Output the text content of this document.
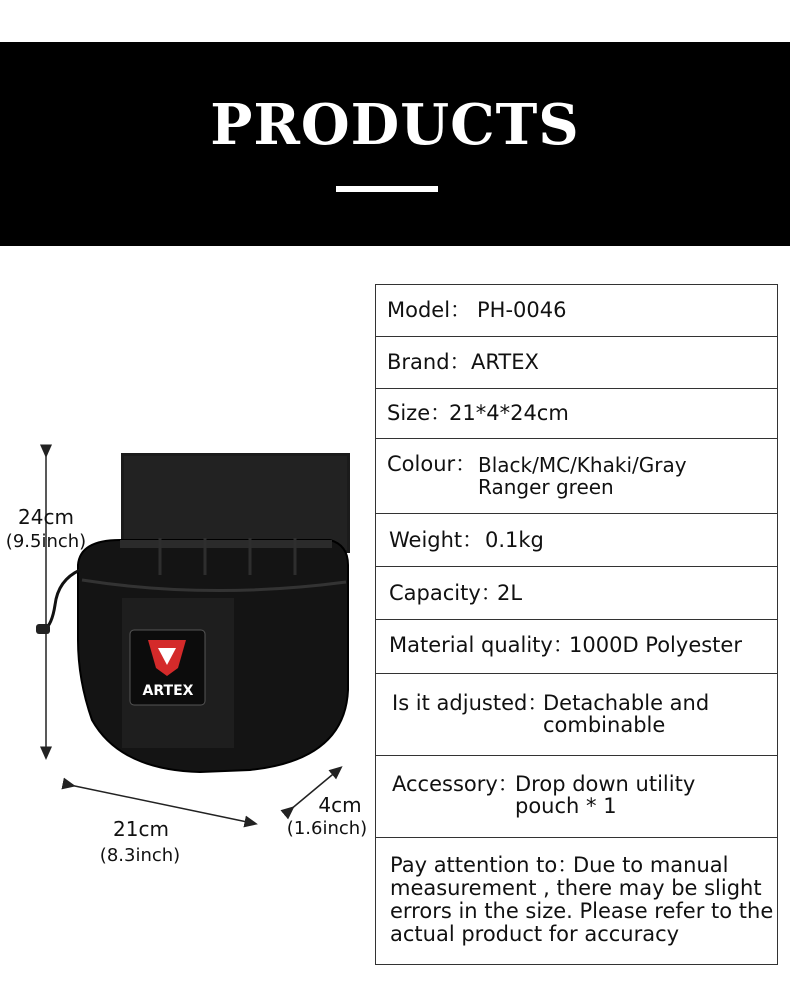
PRODUCTS
ARTEX
24cm
(9.5inch)
21cm
(8.3inch)
4cm
(1.6inch)
Model： PH-0046
Brand： ARTEX
Size：
21*4*24cm
Colour： Black/MC/Khaki/Gray
Ranger green
Weight： 0.1kg
Capacity：
2L
Material quality：
1000D Polyester
Is it adjusted：
Detachable and
combinable
Accessory：
Drop down utility
pouch * 1
Pay attention to：
Due to manual
measurement , there may be slight
errors in the size. Please refer to the
actual product for accuracy
